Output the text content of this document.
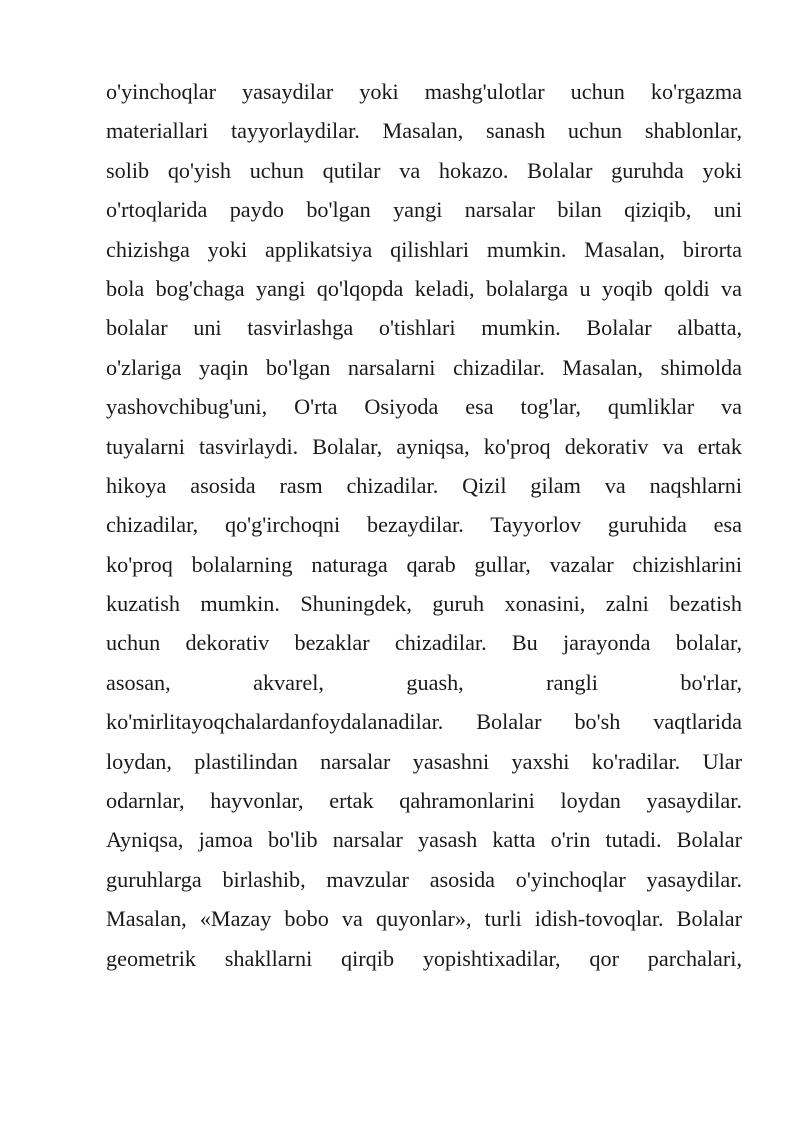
o'yinchoqlar yasaydilar yoki mashg'ulotlar uchun ko'rgazma
materiallari tayyorlaydilar. Masalan, sanash uchun shablonlar,
solib qo'yish uchun qutilar va hokazo. Bolalar guruhda yoki
o'rtoqlarida paydo bo'lgan yangi narsalar bilan qiziqib, uni
chizishga yoki applikatsiya qilishlari mumkin. Masalan, birorta
bola bog'chaga yangi qo'lqopda keladi, bolalarga u yoqib qoldi va
bolalar uni tasvirlashga o'tishlari mumkin. Bolalar albatta,
o'zlariga yaqin bo'lgan narsalarni chizadilar. Masalan, shimolda
yashovchibug'uni, O'rta Osiyoda esa tog'lar, qumliklar va
tuyalarni tasvirlaydi. Bolalar, ayniqsa, ko'proq dekorativ va ertak
hikoya asosida rasm chizadilar. Qizil gilam va naqshlarni
chizadilar, qo'g'irchoqni bezaydilar. Tayyorlov guruhida esa
ko'proq bolalarning naturaga qarab gullar, vazalar chizishlarini
kuzatish mumkin. Shuningdek, guruh xonasini, zalni bezatish
uchun dekorativ bezaklar chizadilar. Bu jarayonda bolalar,
asosan, akvarel, guash, rangli bo'rlar,
ko'mirlitayoqchalardanfoydalanadilar. Bolalar bo'sh vaqtlarida
loydan, plastilindan narsalar yasashni yaxshi ko'radilar. Ular
odarnlar, hayvonlar, ertak qahramonlarini loydan yasaydilar.
Ayniqsa, jamoa bo'lib narsalar yasash katta o'rin tutadi. Bolalar
guruhlarga birlashib, mavzular asosida o'yinchoqlar yasaydilar.
Masalan, «Mazay bobo va quyonlar», turli idish-tovoqlar. Bolalar
geometrik shakllarni qirqib yopishtixadilar, qor parchalari,
